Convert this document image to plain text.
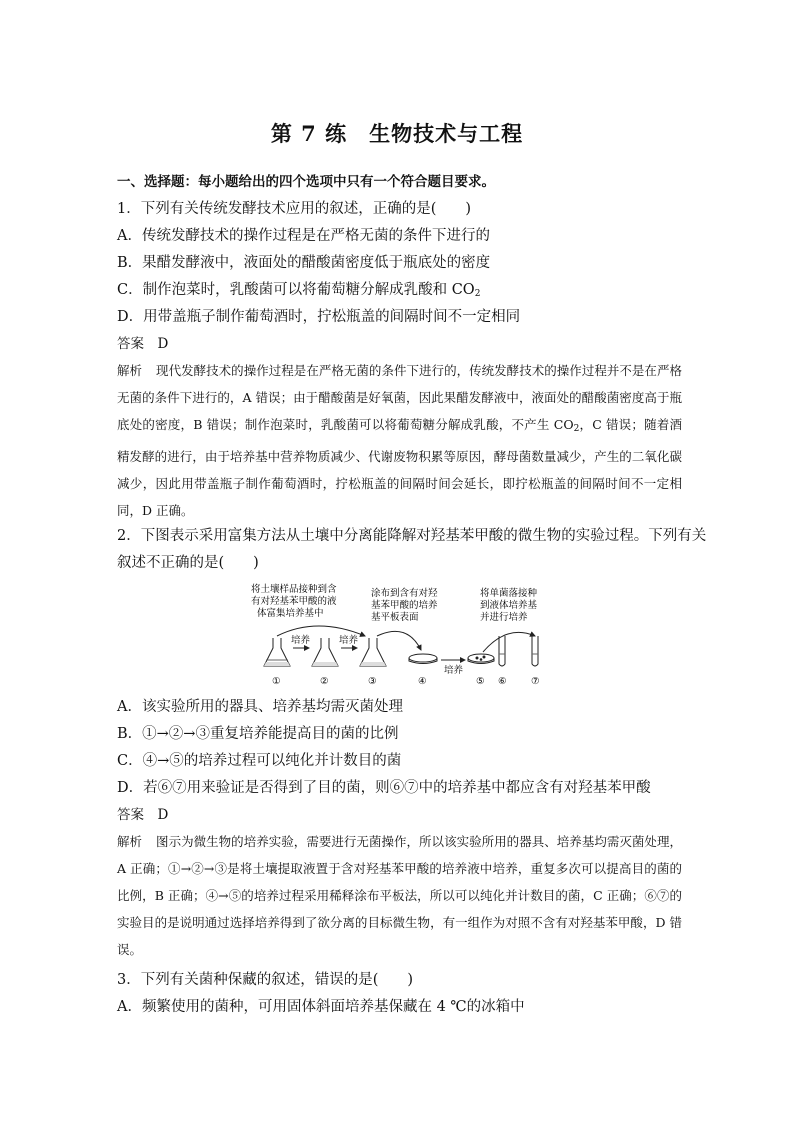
第 7 练　生物技术与工程
一、选择题：每小题给出的四个选项中只有一个符合题目要求。
1．下列有关传统发酵技术应用的叙述，正确的是(　　)
A．传统发酵技术的操作过程是在严格无菌的条件下进行的
B．果醋发酵液中，液面处的醋酸菌密度低于瓶底处的密度
C．制作泡菜时，乳酸菌可以将葡萄糖分解成乳酸和 $CO_2$
D．用带盖瓶子制作葡萄酒时，拧松瓶盖的间隔时间不一定相同
答案　D
解析 现代发酵技术的操作过程是在严格无菌的条件下进行的，传统发酵技术的操作过程并不是在严格无菌的条件下进行的，A 错误；由于醋酸菌是好氧菌，因此果醋发酵液中，液面处的醋酸菌密度高于瓶底处的密度，B 错误；制作泡菜时，乳酸菌可以将葡萄糖分解成乳酸，不产生 $CO_2$，C 错误；随着酒精发酵的进行，由于培养基中营养物质减少、代谢废物积累等原因，酵母菌数量减少，产生的二氧化碳减少，因此用带盖瓶子制作葡萄酒时，拧松瓶盖的间隔时间会延长，即拧松瓶盖的间隔时间不一定相同，D 正确。
2．下图表示采用富集方法从土壤中分离能降解对羟基苯甲酸的微生物的实验过程。下列有关
叙述不正确的是(　　)
将土壤样品接种到含
有对羟基苯甲酸的液
体富集培养基中
涂布到含有对羟
基苯甲酸的培养
基平板表面
将单菌落接种
到液体培养基
并进行培养
培养	培养
培养
①	②	③	④	⑤ ⑥	⑦
A．该实验所用的器具、培养基均需灭菌处理
B．①→②→③重复培养能提高目的菌的比例
C．④→⑤的培养过程可以纯化并计数目的菌
D．若⑥⑦用来验证是否得到了目的菌，则⑥⑦中的培养基中都应含有对羟基苯甲酸
答案　D
解析 图示为微生物的培养实验，需要进行无菌操作，所以该实验所用的器具、培养基均需灭菌处理，A 正确；①→②→③是将土壤提取液置于含对羟基苯甲酸的培养液中培养，重复多次可以提高目的菌的比例，B 正确；④→⑤的培养过程采用稀释涂布平板法，所以可以纯化并计数目的菌，C 正确；⑥⑦的实验目的是说明通过选择培养得到了欲分离的目标微生物，有一组作为对照不含有对羟基苯甲酸，D 错误。
3．下列有关菌种保藏的叙述，错误的是(　　)
A．频繁使用的菌种，可用固体斜面培养基保藏在 4 ℃的冰箱中
